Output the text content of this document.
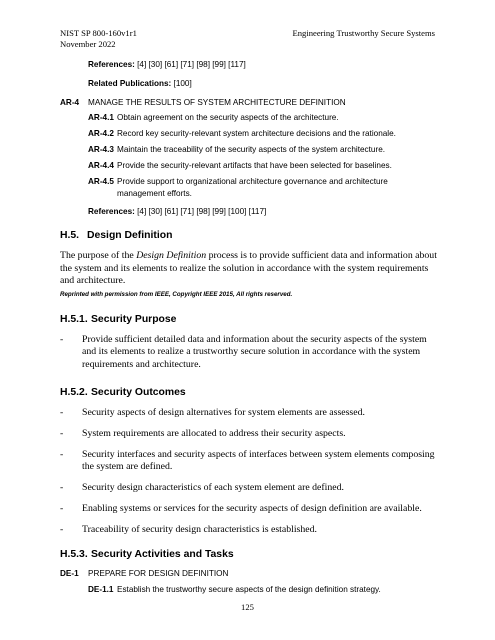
NIST SP 800-160v1r1
November 2022
Engineering Trustworthy Secure Systems
References: [4] [30] [61] [71] [98] [99] [117]
Related Publications: [100]
AR-4 MANAGE THE RESULTS OF SYSTEM ARCHITECTURE DEFINITION
AR-4.1 Obtain agreement on the security aspects of the architecture.
AR-4.2 Record key security-relevant system architecture decisions and the rationale.
AR-4.3 Maintain the traceability of the security aspects of the system architecture.
AR-4.4 Provide the security-relevant artifacts that have been selected for baselines.
AR-4.5 Provide support to organizational architecture governance and architecture management efforts.
References: [4] [30] [61] [71] [98] [99] [100] [117]
H.5. Design Definition
The purpose of the Design Definition process is to provide sufficient data and information about the system and its elements to realize the solution in accordance with the system requirements and architecture.
Reprinted with permission from IEEE, Copyright IEEE 2015, All rights reserved.
H.5.1. Security Purpose
- Provide sufficient detailed data and information about the security aspects of the system and its elements to realize a trustworthy secure solution in accordance with the system requirements and architecture.
H.5.2. Security Outcomes
- Security aspects of design alternatives for system elements are assessed.
- System requirements are allocated to address their security aspects.
- Security interfaces and security aspects of interfaces between system elements composing the system are defined.
- Security design characteristics of each system element are defined.
- Enabling systems or services for the security aspects of design definition are available.
- Traceability of security design characteristics is established.
H.5.3. Security Activities and Tasks
DE-1 PREPARE FOR DESIGN DEFINITION
DE-1.1 Establish the trustworthy secure aspects of the design definition strategy.
125
